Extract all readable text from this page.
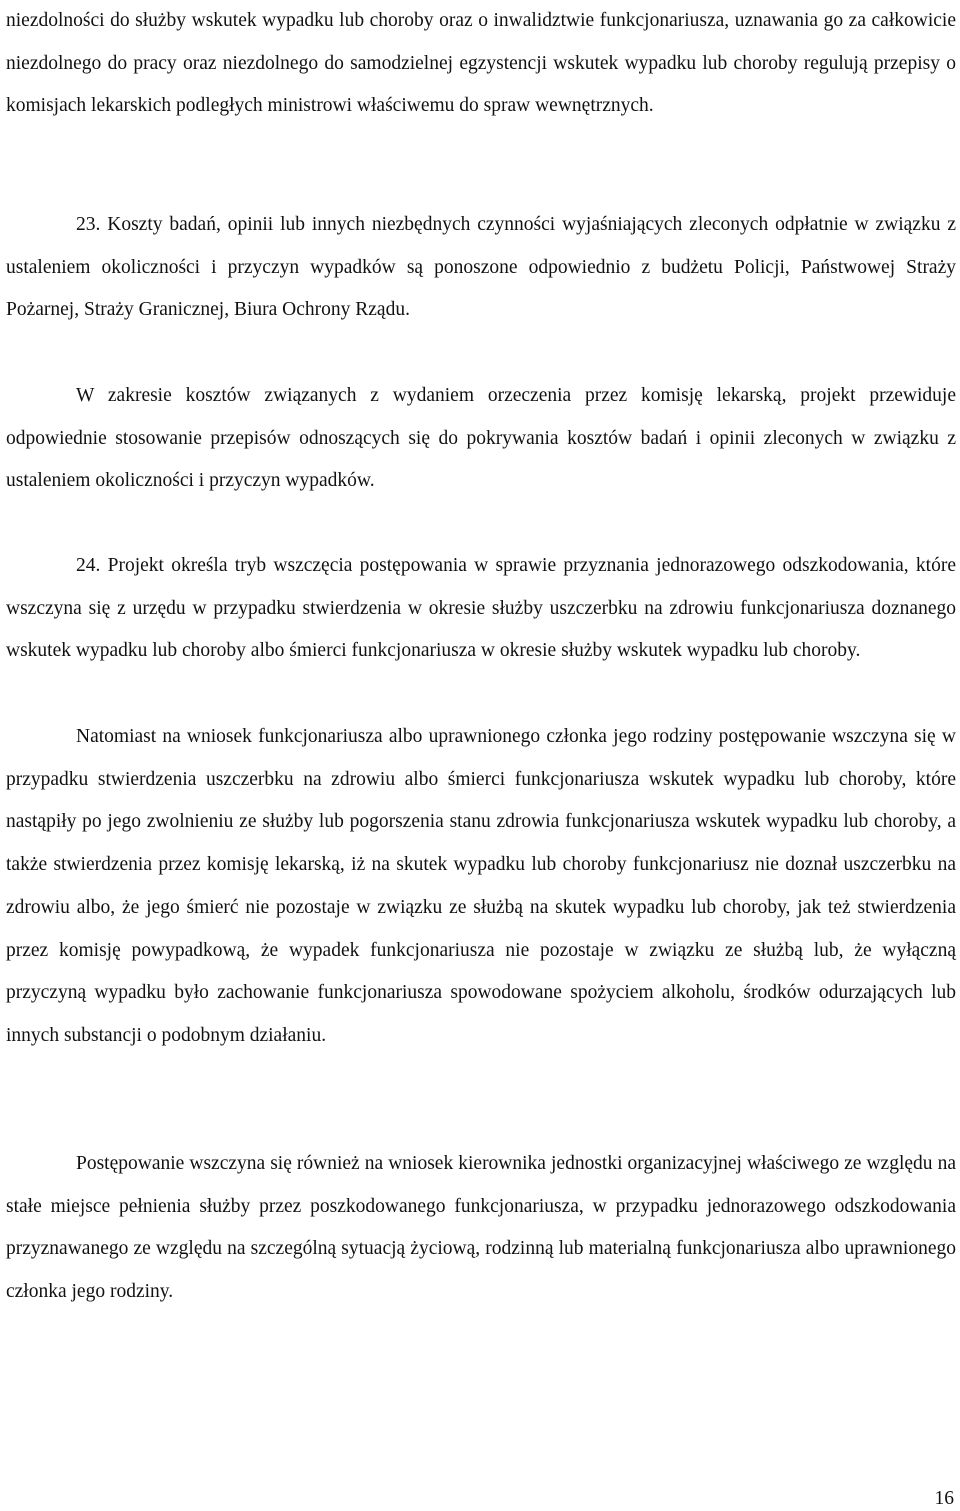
niezdolności do służby wskutek wypadku lub choroby oraz o inwalidztwie funkcjonariusza, uznawania go za całkowicie niezdolnego do pracy oraz niezdolnego do samodzielnej egzystencji wskutek wypadku lub choroby regulują przepisy o komisjach lekarskich podległych ministrowi właściwemu do spraw wewnętrznych.

23. Koszty badań, opinii lub innych niezbędnych czynności wyjaśniających zleconych odpłatnie w związku z ustaleniem okoliczności i przyczyn wypadków są ponoszone odpowiednio z budżetu Policji, Państwowej Straży Pożarnej, Straży Granicznej, Biura Ochrony Rządu.

W zakresie kosztów związanych z wydaniem orzeczenia przez komisję lekarską, projekt przewiduje odpowiednie stosowanie przepisów odnoszących się do pokrywania kosztów badań i opinii zleconych w związku z ustaleniem okoliczności i przyczyn wypadków.

24. Projekt określa tryb wszczęcia postępowania w sprawie przyznania jednorazowego odszkodowania, które wszczyna się z urzędu w przypadku stwierdzenia w okresie służby uszczerbku na zdrowiu funkcjonariusza doznanego wskutek wypadku lub choroby albo śmierci funkcjonariusza w okresie służby wskutek wypadku lub choroby.

Natomiast na wniosek funkcjonariusza albo uprawnionego członka jego rodziny postępowanie wszczyna się w przypadku stwierdzenia uszczerbku na zdrowiu albo śmierci funkcjonariusza wskutek wypadku lub choroby, które nastąpiły po jego zwolnieniu ze służby lub pogorszenia stanu zdrowia funkcjonariusza wskutek wypadku lub choroby, a także stwierdzenia przez komisję lekarską, iż na skutek wypadku lub choroby funkcjonariusz nie doznał uszczerbku na zdrowiu albo, że jego śmierć nie pozostaje w związku ze służbą na skutek wypadku lub choroby, jak też stwierdzenia przez komisję powypadkową, że wypadek funkcjonariusza nie pozostaje w związku ze służbą lub, że wyłączną przyczyną wypadku było zachowanie funkcjonariusza spowodowane spożyciem alkoholu, środków odurzających lub innych substancji o podobnym działaniu.

Postępowanie wszczyna się również na wniosek kierownika jednostki organizacyjnej właściwego ze względu na stałe miejsce pełnienia służby przez poszkodowanego funkcjonariusza, w przypadku jednorazowego odszkodowania przyznawanego ze względu na szczególną sytuacją życiową, rodzinną lub materialną funkcjonariusza albo uprawnionego członka jego rodziny.

16
